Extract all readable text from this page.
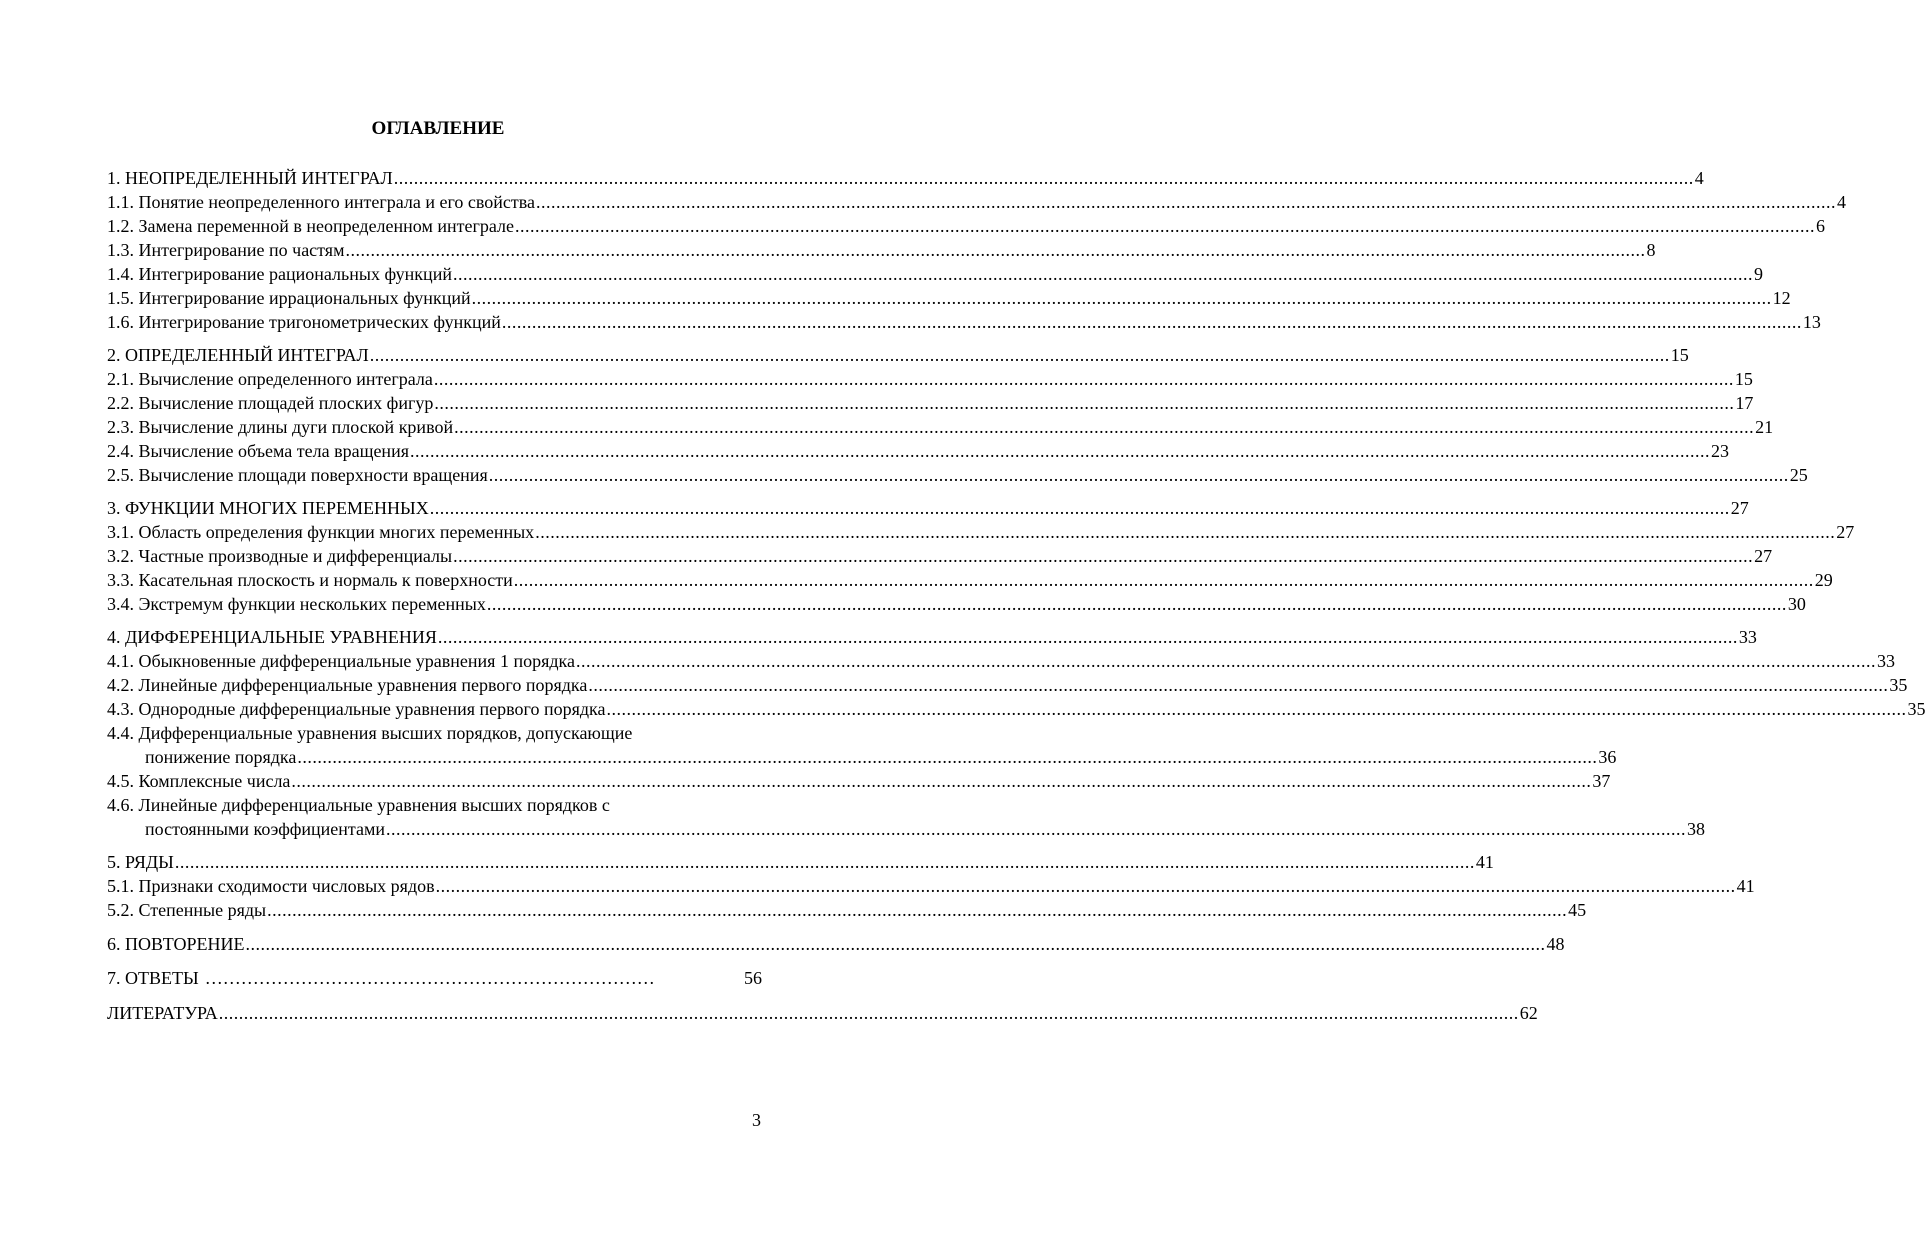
ОГЛАВЛЕНИЕ
1. НЕОПРЕДЕЛЕННЫЙ ИНТЕГРАЛ .................................................................................................................................................................................................................................................................... 4
1.1. Понятие неопределенного интеграла и его свойства .................................................................................................................................................................................................................................................................... 4
1.2. Замена переменной в неопределенном интеграле .................................................................................................................................................................................................................................................................... 6
1.3. Интегрирование по частям .................................................................................................................................................................................................................................................................... 8
1.4. Интегрирование рациональных функций .................................................................................................................................................................................................................................................................... 9
1.5. Интегрирование иррациональных функций .................................................................................................................................................................................................................................................................... 12
1.6. Интегрирование тригонометрических функций .................................................................................................................................................................................................................................................................... 13
2. ОПРЕДЕЛЕННЫЙ ИНТЕГРАЛ .................................................................................................................................................................................................................................................................... 15
2.1. Вычисление определенного интеграла .................................................................................................................................................................................................................................................................... 15
2.2. Вычисление площадей плоских фигур .................................................................................................................................................................................................................................................................... 17
2.3. Вычисление длины дуги плоской кривой .................................................................................................................................................................................................................................................................... 21
2.4. Вычисление объема тела вращения .................................................................................................................................................................................................................................................................... 23
2.5. Вычисление площади поверхности вращения .................................................................................................................................................................................................................................................................... 25
3. ФУНКЦИИ МНОГИХ ПЕРЕМЕННЫХ .................................................................................................................................................................................................................................................................... 27
3.1. Область определения функции многих переменных .................................................................................................................................................................................................................................................................... 27
3.2. Частные производные и дифференциалы .................................................................................................................................................................................................................................................................... 27
3.3. Касательная плоскость и нормаль к поверхности .................................................................................................................................................................................................................................................................... 29
3.4. Экстремум функции нескольких переменных .................................................................................................................................................................................................................................................................... 30
4. ДИФФЕРЕНЦИАЛЬНЫЕ УРАВНЕНИЯ .................................................................................................................................................................................................................................................................... 33
4.1. Обыкновенные дифференциальные уравнения 1 порядка .................................................................................................................................................................................................................................................................... 33
4.2. Линейные дифференциальные уравнения первого порядка .................................................................................................................................................................................................................................................................... 35
4.3. Однородные дифференциальные уравнения первого порядка .................................................................................................................................................................................................................................................................... 35
4.4. Дифференциальные уравнения высших порядков, допускающие
понижение порядка .................................................................................................................................................................................................................................................................... 36
4.5. Комплексные числа .................................................................................................................................................................................................................................................................... 37
4.6. Линейные дифференциальные уравнения высших порядков с
постоянными коэффициентами .................................................................................................................................................................................................................................................................... 38
5. РЯДЫ .................................................................................................................................................................................................................................................................... 41
5.1. Признаки сходимости числовых рядов .................................................................................................................................................................................................................................................................... 41
5.2. Степенные ряды .................................................................................................................................................................................................................................................................... 45
6. ПОВТОРЕНИЕ .................................................................................................................................................................................................................................................................... 48
7. ОТВЕТЫ …………………………………………………………………	56
ЛИТЕРАТУРА .................................................................................................................................................................................................................................................................... 62
3
